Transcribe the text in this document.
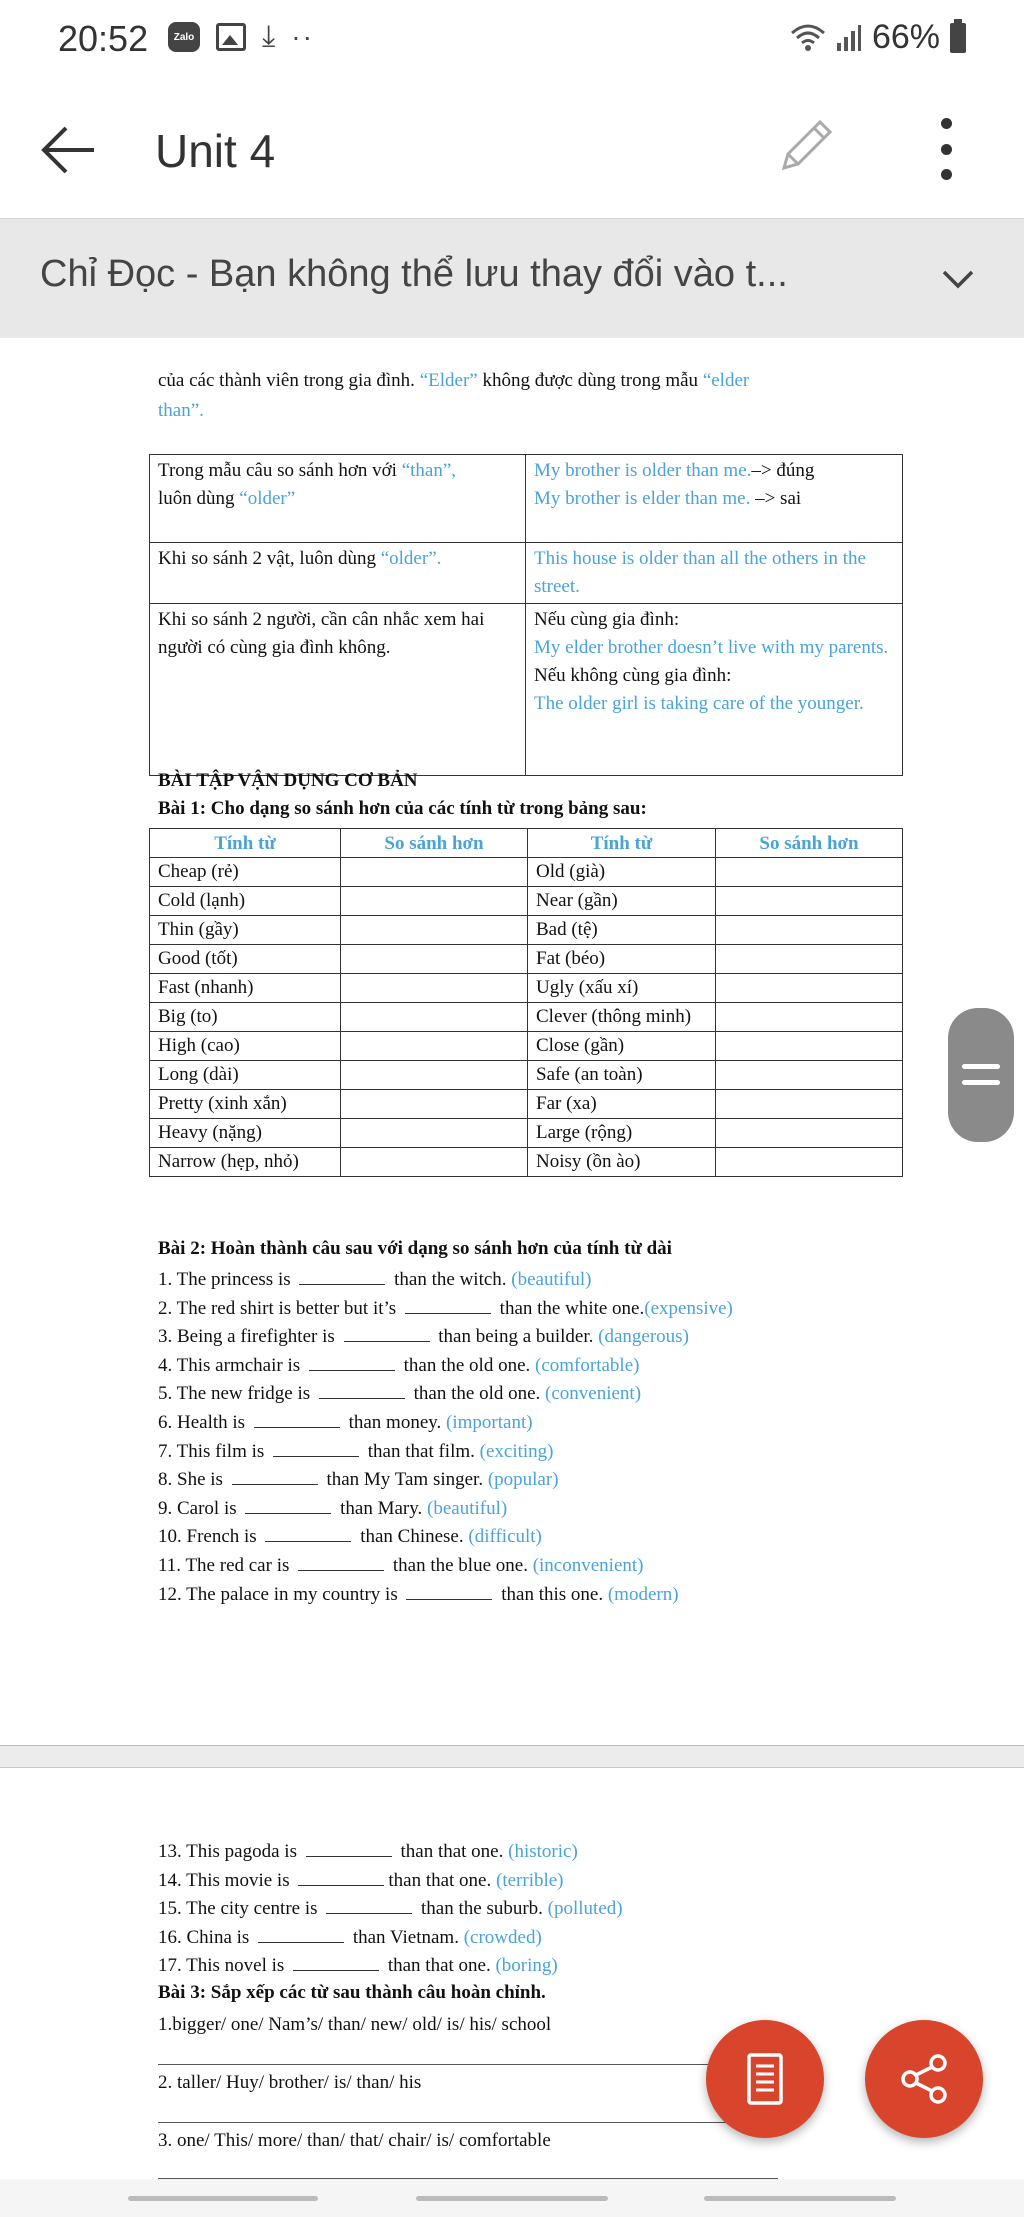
20:52	Zalo ⤓ ··	66%
Unit 4
Chỉ Đọc - Bạn không thể lưu thay đổi vào t...
của các thành viên trong gia đình. “Elder” không được dùng trong mẫu “elder
than”.
Trong mẫu câu so sánh hơn với “than”,
luôn dùng “older”	My brother is older than me.–> đúng
My brother is elder than me. –> sai
Khi so sánh 2 vật, luôn dùng “older”.	This house is older than all the others in the street.
Khi so sánh 2 người, cần cân nhắc xem hai người có cùng gia đình không.	Nếu cùng gia đình:
My elder brother doesn’t live with my parents.
Nếu không cùng gia đình:
The older girl is taking care of the younger.
BÀI TẬP VẬN DỤNG CƠ BẢN
Bài 1: Cho dạng so sánh hơn của các tính từ trong bảng sau:
Tính từ	So sánh hơn	Tính từ	So sánh hơn
Cheap (rẻ)		Old (già)	
Cold (lạnh)		Near (gần)	
Thin (gầy)		Bad (tệ)	
Good (tốt)		Fat (béo)	
Fast (nhanh)		Ugly (xấu xí)	
Big (to)		Clever (thông minh)	
High (cao)		Close (gần)	
Long (dài)		Safe (an toàn)	
Pretty (xinh xắn)		Far (xa)	
Heavy (nặng)		Large (rộng)	
Narrow (hẹp, nhỏ)		Noisy (ồn ào)	
Bài 2: Hoàn thành câu sau với dạng so sánh hơn của tính từ dài
1. The princess is	than the witch. (beautiful)
2. The red shirt is better but it’s	than the white one.(expensive)
3. Being a firefighter is	than being a builder. (dangerous)
4. This armchair is	than the old one. (comfortable)
5. The new fridge is	than the old one. (convenient)
6. Health is	than money. (important)
7. This film is	than that film. (exciting)
8. She is	than My Tam singer. (popular)
9. Carol is	than Mary. (beautiful)
10. French is	than Chinese. (difficult)
11. The red car is	than the blue one. (inconvenient)
12. The palace in my country is	than this one. (modern)
13. This pagoda is	than that one. (historic)
14. This movie is	than that one. (terrible)
15. The city centre is	than the suburb. (polluted)
16. China is	than Vietnam. (crowded)
17. This novel is	than that one. (boring)
Bài 3: Sắp xếp các từ sau thành câu hoàn chỉnh.
1.bigger/ one/ Nam’s/ than/ new/ old/ is/ his/ school
2. taller/ Huy/ brother/ is/ than/ his
3. one/ This/ more/ than/ that/ chair/ is/ comfortable
